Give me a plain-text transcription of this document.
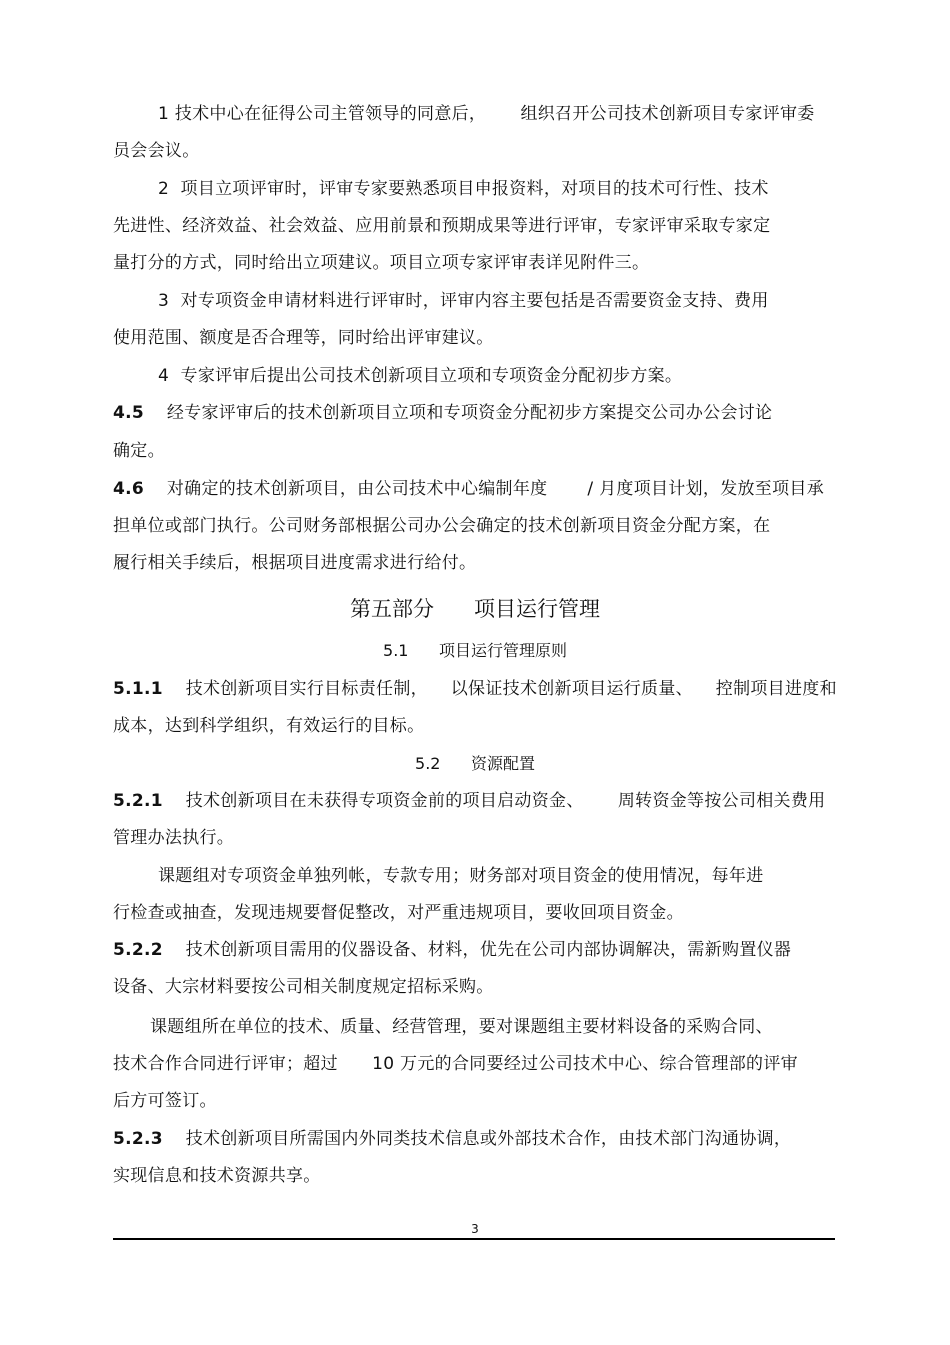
1 技术中心在征得公司主管领导的同意后，      组织召开公司技术创新项目专家评审委
员会会议。
2  项目立项评审时，评审专家要熟悉项目申报资料，对项目的技术可行性、技术
先进性、经济效益、社会效益、应用前景和预期成果等进行评审，专家评审采取专家定
量打分的方式，同时给出立项建议。项目立项专家评审表详见附件三。
3  对专项资金申请材料进行评审时，评审内容主要包括是否需要资金支持、费用
使用范围、额度是否合理等，同时给出评审建议。
4  专家评审后提出公司技术创新项目立项和专项资金分配初步方案。
4.5 经专家评审后的技术创新项目立项和专项资金分配初步方案提交公司办公会讨论
确定。
4.6 对确定的技术创新项目，由公司技术中心编制年度       / 月度项目计划，发放至项目承
担单位或部门执行。公司财务部根据公司办公会确定的技术创新项目资金分配方案，在
履行相关手续后，根据项目进度需求进行给付。
第五部分      项目运行管理
5.1      项目运行管理原则
5.1.1 技术创新项目实行目标责任制，    以保证技术创新项目运行质量、    控制项目进度和
成本，达到科学组织，有效运行的目标。
5.2      资源配置
5.2.1 技术创新项目在未获得专项资金前的项目启动资金、      周转资金等按公司相关费用
管理办法执行。
课题组对专项资金单独列帐，专款专用；财务部对项目资金的使用情况，每年进
行检查或抽查，发现违规要督促整改，对严重违规项目，要收回项目资金。
5.2.2 技术创新项目需用的仪器设备、材料，优先在公司内部协调解决，需新购置仪器
设备、大宗材料要按公司相关制度规定招标采购。
课题组所在单位的技术、质量、经营管理，要对课题组主要材料设备的采购合同、
技术合作合同进行评审；超过      10 万元的合同要经过公司技术中心、综合管理部的评审
后方可签订。
5.2.3 技术创新项目所需国内外同类技术信息或外部技术合作，由技术部门沟通协调，
实现信息和技术资源共享。
3
